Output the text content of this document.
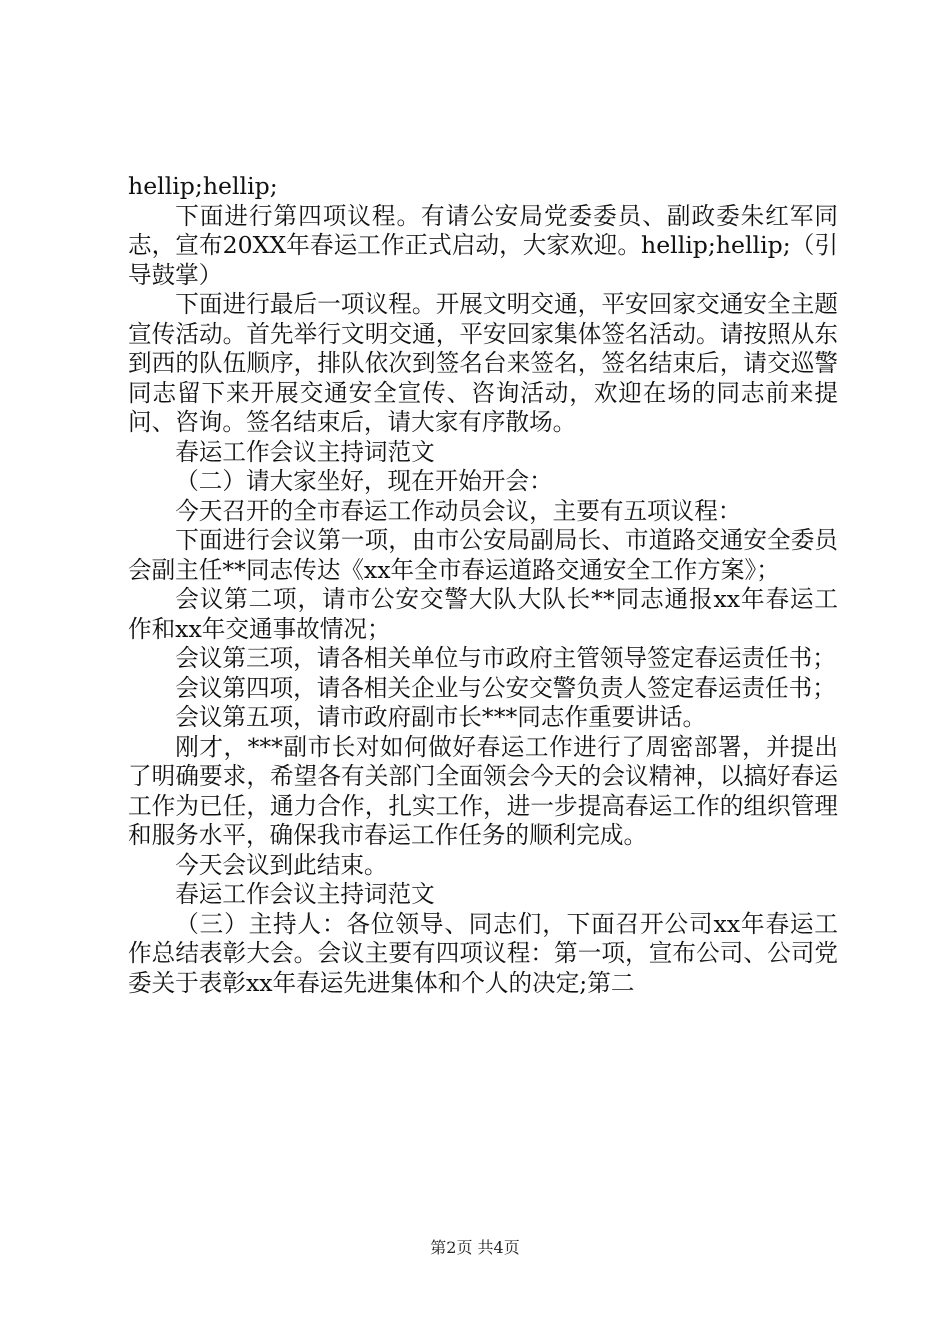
hellip;hellip;

下面进行第四项议程。有请公安局党委委员、副政委朱红军同志，宣布20XX年春运工作正式启动，大家欢迎。hellip;hellip;（引导鼓掌）

下面进行最后一项议程。开展文明交通，平安回家交通安全主题宣传活动。首先举行文明交通，平安回家集体签名活动。请按照从东到西的队伍顺序，排队依次到签名台来签名，签名结束后，请交巡警同志留下来开展交通安全宣传、咨询活动，欢迎在场的同志前来提问、咨询。签名结束后，请大家有序散场。

春运工作会议主持词范文

（二）请大家坐好，现在开始开会：

今天召开的全市春运工作动员会议，主要有五项议程：

下面进行会议第一项，由市公安局副局长、市道路交通安全委员会副主任**同志传达《xx年全市春运道路交通安全工作方案》；

会议第二项，请市公安交警大队大队长**同志通报xx年春运工作和xx年交通事故情况；

会议第三项，请各相关单位与市政府主管领导签定春运责任书；

会议第四项，请各相关企业与公安交警负责人签定春运责任书；

会议第五项，请市政府副市长***同志作重要讲话。

刚才，***副市长对如何做好春运工作进行了周密部署，并提出了明确要求，希望各有关部门全面领会今天的会议精神，以搞好春运工作为已任，通力合作，扎实工作，进一步提高春运工作的组织管理和服务水平，确保我市春运工作任务的顺利完成。

今天会议到此结束。

春运工作会议主持词范文

（三）主持人：各位领导、同志们，下面召开公司xx年春运工作总结表彰大会。会议主要有四项议程：第一项，宣布公司、公司党委关于表彰xx年春运先进集体和个人的决定;第二

第2页 共4页
